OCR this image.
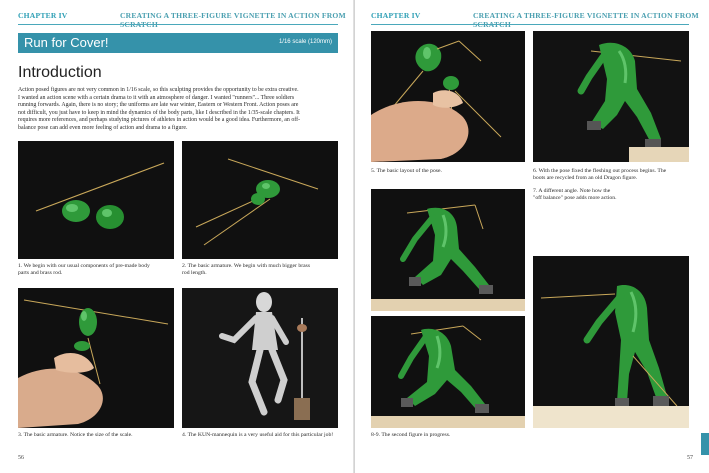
CHAPTER IV	CREATING A THREE-FIGURE VIGNETTE IN ACTION FROM
Run for Cover!	1/16 scale (120mm)
Introduction

Action posed figures are not very common in 1/16 scale, so this sculpting provides the opportunity to be extra creative.
I wanted an action scene with a certain drama to it with an atmosphere of danger. I wanted "runners"... Three soldiers
running forwards. Again, there is no story; the uniforms are late war winter, Eastern or Western Front. Action poses are
not difficult, you just have to keep in mind the dynamics of the body parts, like I described in the 1/35-scale chapters. It
requires more references, and perhaps studying pictures of athletes in action would be a good idea. Furthermore, an off-
balance pose can add even more feeling of action and drama to a figure.

1. We begin with our usual components of pre-made body
parts and brass rod.
2. The basic armature. We begin with much bigger brass
rod length.
3. The basic armature. Notice the size of the scale.	4. The KUN-mannequin is a very useful aid for this particular job!
56
CHAPTER IV	CREATING A THREE-FIGURE VIGNETTE IN ACTION FROM
5. The basic layout of the pose.	6. With the pose fixed the fleshing out process begins. The
boots are recycled from an old Dragon figure.
7. A different angle. Note how the
"off balance" pose adds more action.
8-9. The second figure in progress.
57
